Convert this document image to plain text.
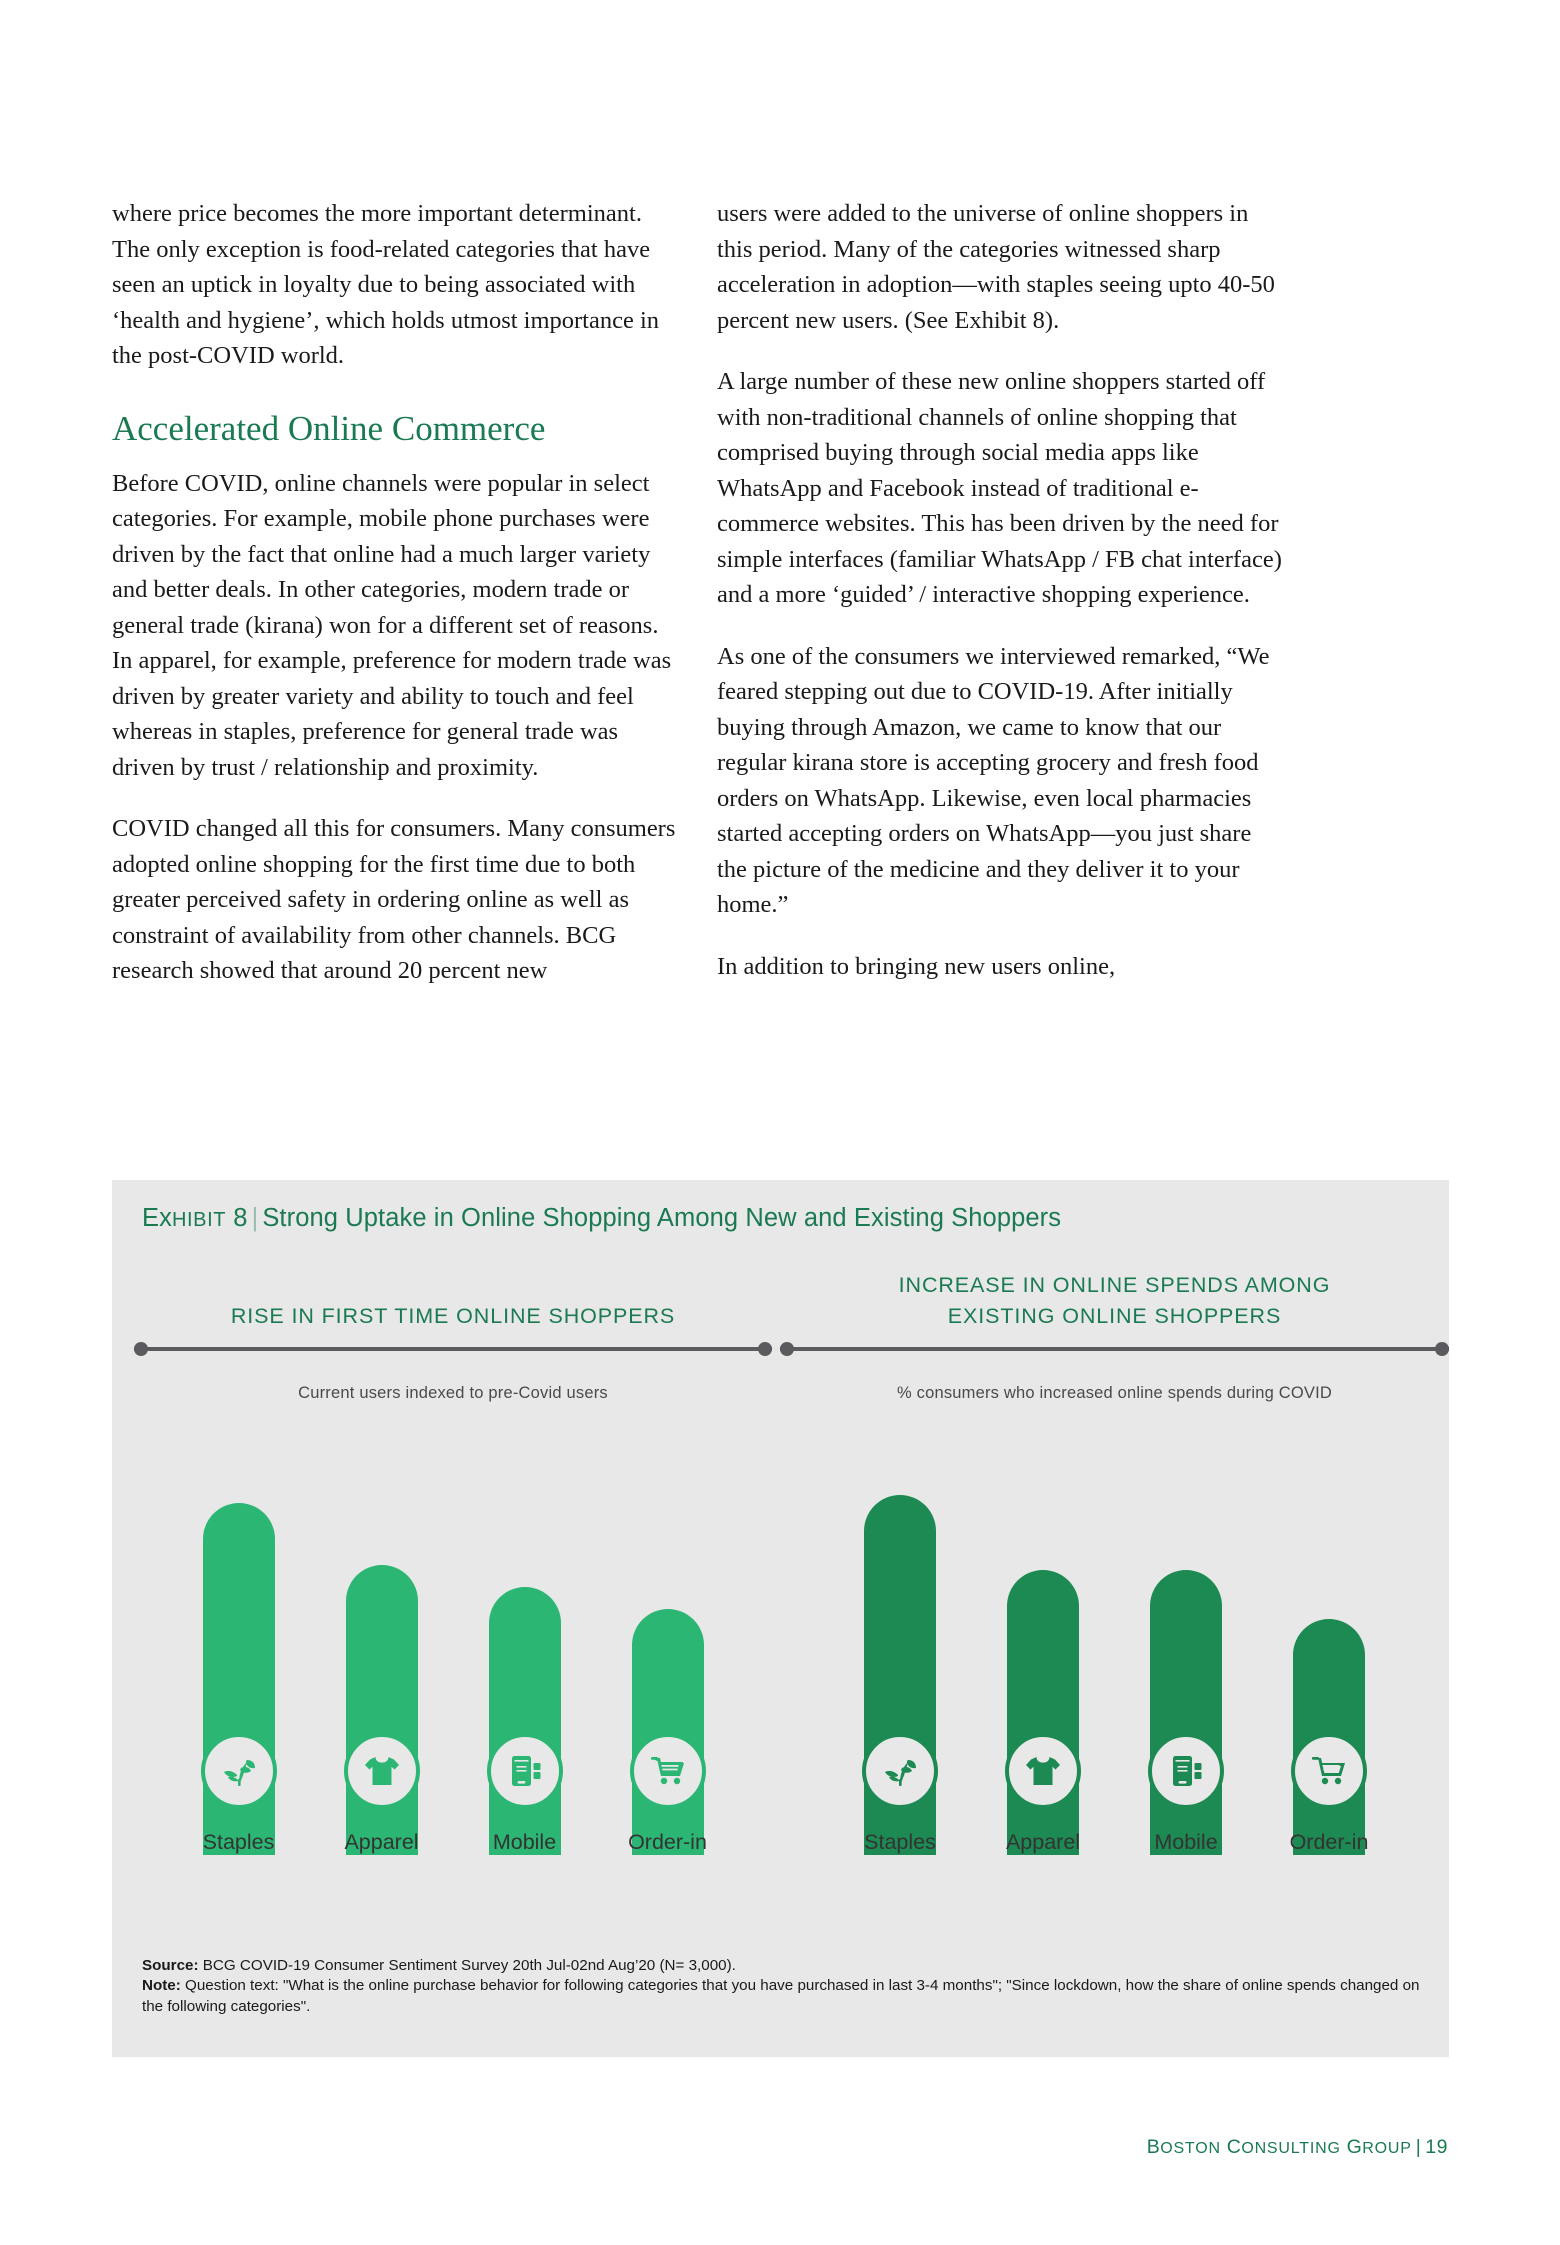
where price becomes the more important determinant. The only exception is food-related categories that have seen an uptick in loyalty due to being associated with ‘health and hygiene’, which holds utmost importance in the post-COVID world.

Accelerated Online Commerce

Before COVID, online channels were popular in select categories. For example, mobile phone purchases were driven by the fact that online had a much larger variety and better deals. In other categories, modern trade or general trade (kirana) won for a different set of reasons. In apparel, for example, preference for modern trade was driven by greater variety and ability to touch and feel whereas in staples, preference for general trade was driven by trust / relationship and proximity.

COVID changed all this for consumers. Many consumers adopted online shopping for the first time due to both greater perceived safety in ordering online as well as constraint of availability from other channels. BCG research showed that around 20 percent new

users were added to the universe of online shoppers in this period. Many of the categories witnessed sharp acceleration in adoption—with staples seeing upto 40-50 percent new users. (See Exhibit 8).

A large number of these new online shoppers started off with non-traditional channels of online shopping that comprised buying through social media apps like WhatsApp and Facebook instead of traditional e-commerce websites. This has been driven by the need for simple interfaces (familiar WhatsApp / FB chat interface) and a more ‘guided’ / interactive shopping experience.

As one of the consumers we interviewed remarked, “We feared stepping out due to COVID-19. After initially buying through Amazon, we came to know that our regular kirana store is accepting grocery and fresh food orders on WhatsApp. Likewise, even local pharmacies started accepting orders on WhatsApp—you just share the picture of the medicine and they deliver it to your home.”

In addition to bringing new users online,

ExHIBIT 8 | Strong Uptake in Online Shopping Among New and Existing Shoppers
RISE IN FIRST TIME ONLINE SHOPPERS
Current users indexed to pre-Covid users
Staples	Apparel	Mobile	Order-in
INCREASE IN ONLINE SPENDS AMONG
EXISTING ONLINE SHOPPERS
% consumers who increased online spends during COVID
Staples	Apparel	Mobile	Order-in
Source: BCG COVID-19 Consumer Sentiment Survey 20th Jul-02nd Aug’20 (N= 3,000).
Note: Question text: "What is the online purchase behavior for following categories that you have purchased in last 3-4 months"; "Since lockdown, how the share of online spends changed on the following categories".
BOSTON CONSULTING GROUP | 19
